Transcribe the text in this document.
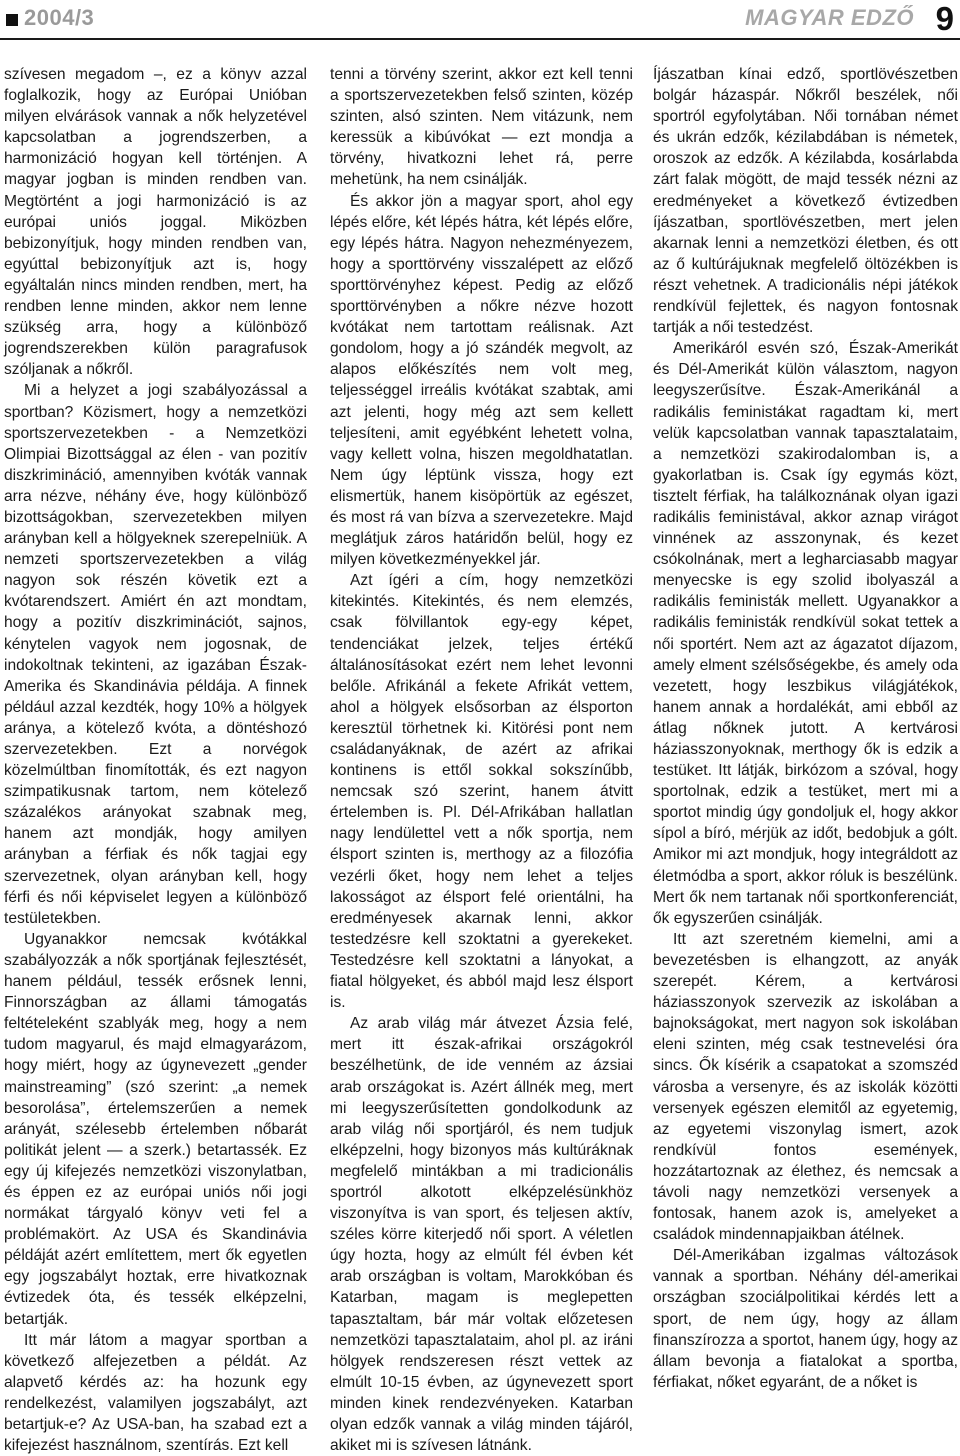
2004/3	MAGYAR EDZŐ 9

szívesen megadom –, ez a könyv azzal foglalkozik, hogy az Európai Unióban milyen elvárások vannak a nők helyzetével kapcsolatban a jogrendszerben, a harmonizáció hogyan kell történjen. A magyar jogban is minden rendben van. Megtörtént a jogi harmonizáció is az európai uniós joggal. Miközben bebizonyítjuk, hogy minden rendben van, egyúttal bebizonyítjuk azt is, hogy egyáltalán nincs minden rendben, mert, ha rendben lenne minden, akkor nem lenne szükség arra, hogy a különböző jogrendszerekben külön paragrafusok szóljanak a nőkről.

Mi a helyzet a jogi szabályozással a sportban? Közismert, hogy a nemzetközi sportszervezetekben - a Nemzetközi Olimpiai Bizottsággal az élen - van pozitív diszkrimináció, amennyiben kvóták vannak arra nézve, néhány éve, hogy különböző bizottságokban, szervezetekben milyen arányban kell a hölgyeknek szerepelniük. A nemzeti sportszervezetekben a világ nagyon sok részén követik ezt a kvótarendszert. Amiért én azt mondtam, hogy a pozitív diszkriminációt, sajnos, kénytelen vagyok nem jogosnak, de indokoltnak tekinteni, az igazában Észak-Amerika és Skandinávia példája. A finnek például azzal kezdték, hogy 10% a hölgyek aránya, a kötelező kvóta, a döntéshozó szervezetekben. Ezt a norvégok közelmúltban finomították, és ezt nagyon szimpatikusnak tartom, nem kötelező százalékos arányokat szabnak meg, hanem azt mondják, hogy amilyen arányban a férfiak és nők tagjai egy szervezetnek, olyan arányban kell, hogy férfi és női képviselet legyen a különböző testületekben.

Ugyanakkor nemcsak kvótákkal szabályozzák a nők sportjának fejlesztését, hanem például, tessék erősnek lenni, Finnországban az állami támogatás feltételeként szablyák meg, hogy a nem tudom magyarul, és majd elmagyarázom, hogy miért, hogy az úgynevezett „gender mainstreaming” (szó szerint: „a nemek besorolása”, értelemszerűen a nemek arányát, szélesebb értelemben nőbarát politikát jelent — a szerk.) betartassék. Ez egy új kifejezés nemzetközi viszonylatban, és éppen ez az európai uniós női jogi normákat tárgyaló könyv veti fel a problémakört. Az USA és Skandinávia példáját azért említettem, mert ők egyetlen egy jogszabályt hoztak, erre hivatkoznak évtizedek óta, és tessék elképzelni, betartják.

Itt már látom a magyar sportban a következő alfejezetben a példát. Az alapvető kérdés az: ha hozunk egy rendelkezést, valamilyen jogszabályt, azt betartjuk-e? Az USA-ban, ha szabad ezt a kifejezést használnom, szentírás. Ezt kell

tenni a törvény szerint, akkor ezt kell tenni a sportszervezetekben felső szinten, közép szinten, alsó szinten. Nem vitázunk, nem keressük a kibúvókat — ezt mondja a törvény, hivatkozni lehet rá, perre mehetünk, ha nem csinálják.

És akkor jön a magyar sport, ahol egy lépés előre, két lépés hátra, két lépés előre, egy lépés hátra. Nagyon nehezményezem, hogy a sporttörvény visszalépett az előző sporttörvényhez képest. Pedig az előző sporttörvényben a nőkre nézve hozott kvótákat nem tartottam reálisnak. Azt gondolom, hogy a jó szándék megvolt, az alapos előkészítés nem volt meg, teljességgel irreális kvótákat szabtak, ami azt jelenti, hogy még azt sem kellett teljesíteni, amit egyébként lehetett volna, vagy kellett volna, hiszen megoldhatatlan. Nem úgy léptünk vissza, hogy ezt elismertük, hanem kisöpörtük az egészet, és most rá van bízva a szervezetekre. Majd meglátjuk záros határidőn belül, hogy ez milyen következményekkel jár.

Azt ígéri a cím, hogy nemzetközi kitekintés. Kitekintés, és nem elemzés, csak fölvillantok egy-egy képet, tendenciákat jelzek, teljes értékű általánosításokat ezért nem lehet levonni belőle. Afrikánál a fekete Afrikát vettem, ahol a hölgyek elsősorban az élsporton keresztül törhetnek ki. Kitörési pont nem családanyáknak, de azért az afrikai kontinens is ettől sokkal sokszínűbb, nemcsak szó szerint, hanem átvitt értelemben is. Pl. Dél-Afrikában hallatlan nagy lendülettel vett a nők sportja, nem élsport szinten is, merthogy az a filozófia vezérli őket, hogy nem lehet a teljes lakosságot az élsport felé orientálni, ha eredményesek akarnak lenni, akkor testedzésre kell szoktatni a gyerekeket. Testedzésre kell szoktatni a lányokat, a fiatal hölgyeket, és abból majd lesz élsport is.

Az arab világ már átvezet Ázsia felé, mert itt észak-afrikai országokról beszélhetünk, de ide venném az ázsiai arab országokat is. Azért állnék meg, mert mi leegyszerűsítetten gondolkodunk az arab világ női sportjáról, és nem tudjuk elképzelni, hogy bizonyos más kultúráknak megfelelő mintákban a mi tradicionális sportról alkotott elképzelésünkhöz viszonyítva is van sport, és teljesen aktív, széles körre kiterjedő női sport. A véletlen úgy hozta, hogy az elmúlt fél évben két arab országban is voltam, Marokkóban és Katarban, magam is meglepetten tapasztaltam, bár már voltak előzetesen nemzetközi tapasztalataim, ahol pl. az iráni hölgyek rendszeresen részt vettek az elmúlt 10-15 évben, az úgynevezett sport minden kinek rendezvényeken. Katarban olyan edzők vannak a világ minden tájáról, akiket mi is szívesen látnánk.

Íjászatban kínai edző, sportlövészetben bolgár házaspár. Nőkről beszélek, női sportról egyfolytában. Női tornában német és ukrán edzők, kézilabdában is németek, oroszok az edzők. A kézilabda, kosárlabda zárt falak mögött, de majd tessék nézni az eredményeket a következő évtizedben íjászatban, sportlövészetben, mert jelen akarnak lenni a nemzetközi életben, és ott az ő kultúrájuknak megfelelő öltözékben is részt vehetnek. A tradicionális népi játékok rendkívül fejlettek, és nagyon fontosnak tartják a női testedzést.

Amerikáról esvén szó, Észak-Amerikát és Dél-Amerikát külön választom, nagyon leegyszerűsítve. Észak-Amerikánál a radikális feministákat ragadtam ki, mert velük kapcsolatban vannak tapasztalataim, a nemzetközi szakirodalomban is, a gyakorlatban is. Csak így egymás közt, tisztelt férfiak, ha találkoznának olyan igazi radikális feministával, akkor aznap virágot vinnének az asszonynak, és kezet csókolnának, mert a legharciasabb magyar menyecske is egy szolid ibolyaszál a radikális feministák mellett. Ugyanakkor a radikális feministák rendkívül sokat tettek a női sportért. Nem azt az ágazatot díjazom, amely elment szélsőségekbe, és amely oda vezetett, hogy leszbikus világjátékok, hanem annak a hordalékát, ami ebből az átlag nőknek jutott. A kertvárosi háziasszonyoknak, merthogy ők is edzik a testüket. Itt látják, birkózom a szóval, hogy sportolnak, edzik a testüket, mert mi a sportot mindig úgy gondoljuk el, hogy akkor sípol a bíró, mérjük az időt, bedobjuk a gólt. Amikor mi azt mondjuk, hogy integráldott az életmódba a sport, akkor róluk is beszélünk. Mert ők nem tartanak női sportkonferenciát, ők egyszerűen csinálják.

Itt azt szeretném kiemelni, ami a bevezetésben is elhangzott, az anyák szerepét. Kérem, a kertvárosi háziasszonyok szervezik az iskolában a bajnokságokat, mert nagyon sok iskolában eleni szinten, még csak testnevelési óra sincs. Ők kísérik a csapatokat a szomszéd városba a versenyre, és az iskolák közötti versenyek egészen elemitől az egyetemig, az egyetemi viszonylag ismert, azok rendkívül fontos események, hozzátartoznak az élethez, és nemcsak a távoli nagy nemzetközi versenyek a fontosak, hanem azok is, amelyeket a családok mindennapjaikban átélnek.

Dél-Amerikában izgalmas változások vannak a sportban. Néhány dél-amerikai országban szociálpolitikai kérdés lett a sport, de nem úgy, hogy az állam finanszírozza a sportot, hanem úgy, hogy az állam bevonja a fiatalokat a sportba, férfiakat, nőket egyaránt, de a nőket is
